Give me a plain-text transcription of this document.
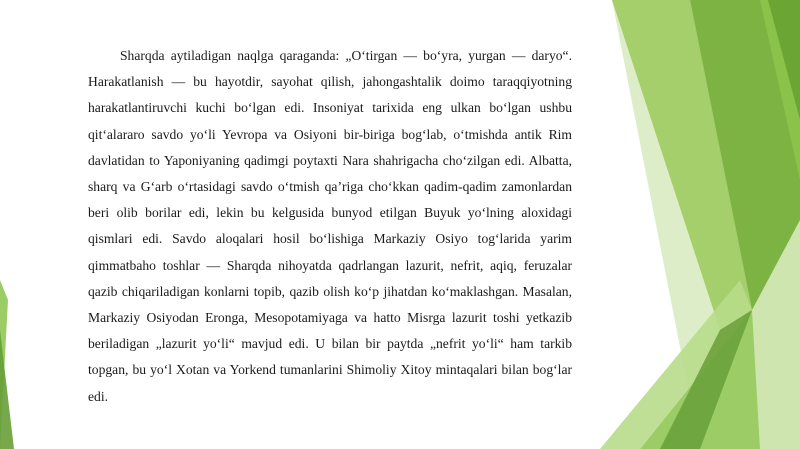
Sharqda aytiladigan naqlga qaraganda: „O‘tirgan — bo‘yra, yurgan — daryo“. Harakatlanish — bu hayotdir, sayohat qilish, jahongashtalik doimo taraqqiyotning harakatlantiruvchi kuchi bo‘lgan edi. Insoniyat tarixida eng ulkan bo‘lgan ushbu qit‘alararo savdo yo‘li Yevropa va Osiyoni bir-biriga bog‘lab, o‘tmishda antik Rim davlatidan to Yaponiyaning qadimgi poytaxti Nara shahrigacha cho‘zilgan edi. Albatta, sharq va G‘arb o‘rtasidagi savdo o‘tmish qa’riga cho‘kkan qadim-qadim zamonlardan beri olib borilar edi, lekin bu kelgusida bunyod etilgan Buyuk yo‘lning aloxidagi qismlari edi. Savdo aloqalari hosil bo‘lishiga Markaziy Osiyo tog‘larida yarim qimmatbaho toshlar — Sharqda nihoyatda qadrlangan lazurit, nefrit, aqiq, feruzalar qazib chiqariladigan konlarni topib, qazib olish ko‘p jihatdan ko‘maklashgan. Masalan, Markaziy Osiyodan Eronga, Mesopotamiyaga va hatto Misrga lazurit toshi yetkazib beriladigan „lazurit yo‘li“ mavjud edi. U bilan bir paytda „nefrit yo‘li“ ham tarkib topgan, bu yo‘l Xotan va Yorkend tumanlarini Shimoliy Xitoy mintaqalari bilan bog‘lar edi.
